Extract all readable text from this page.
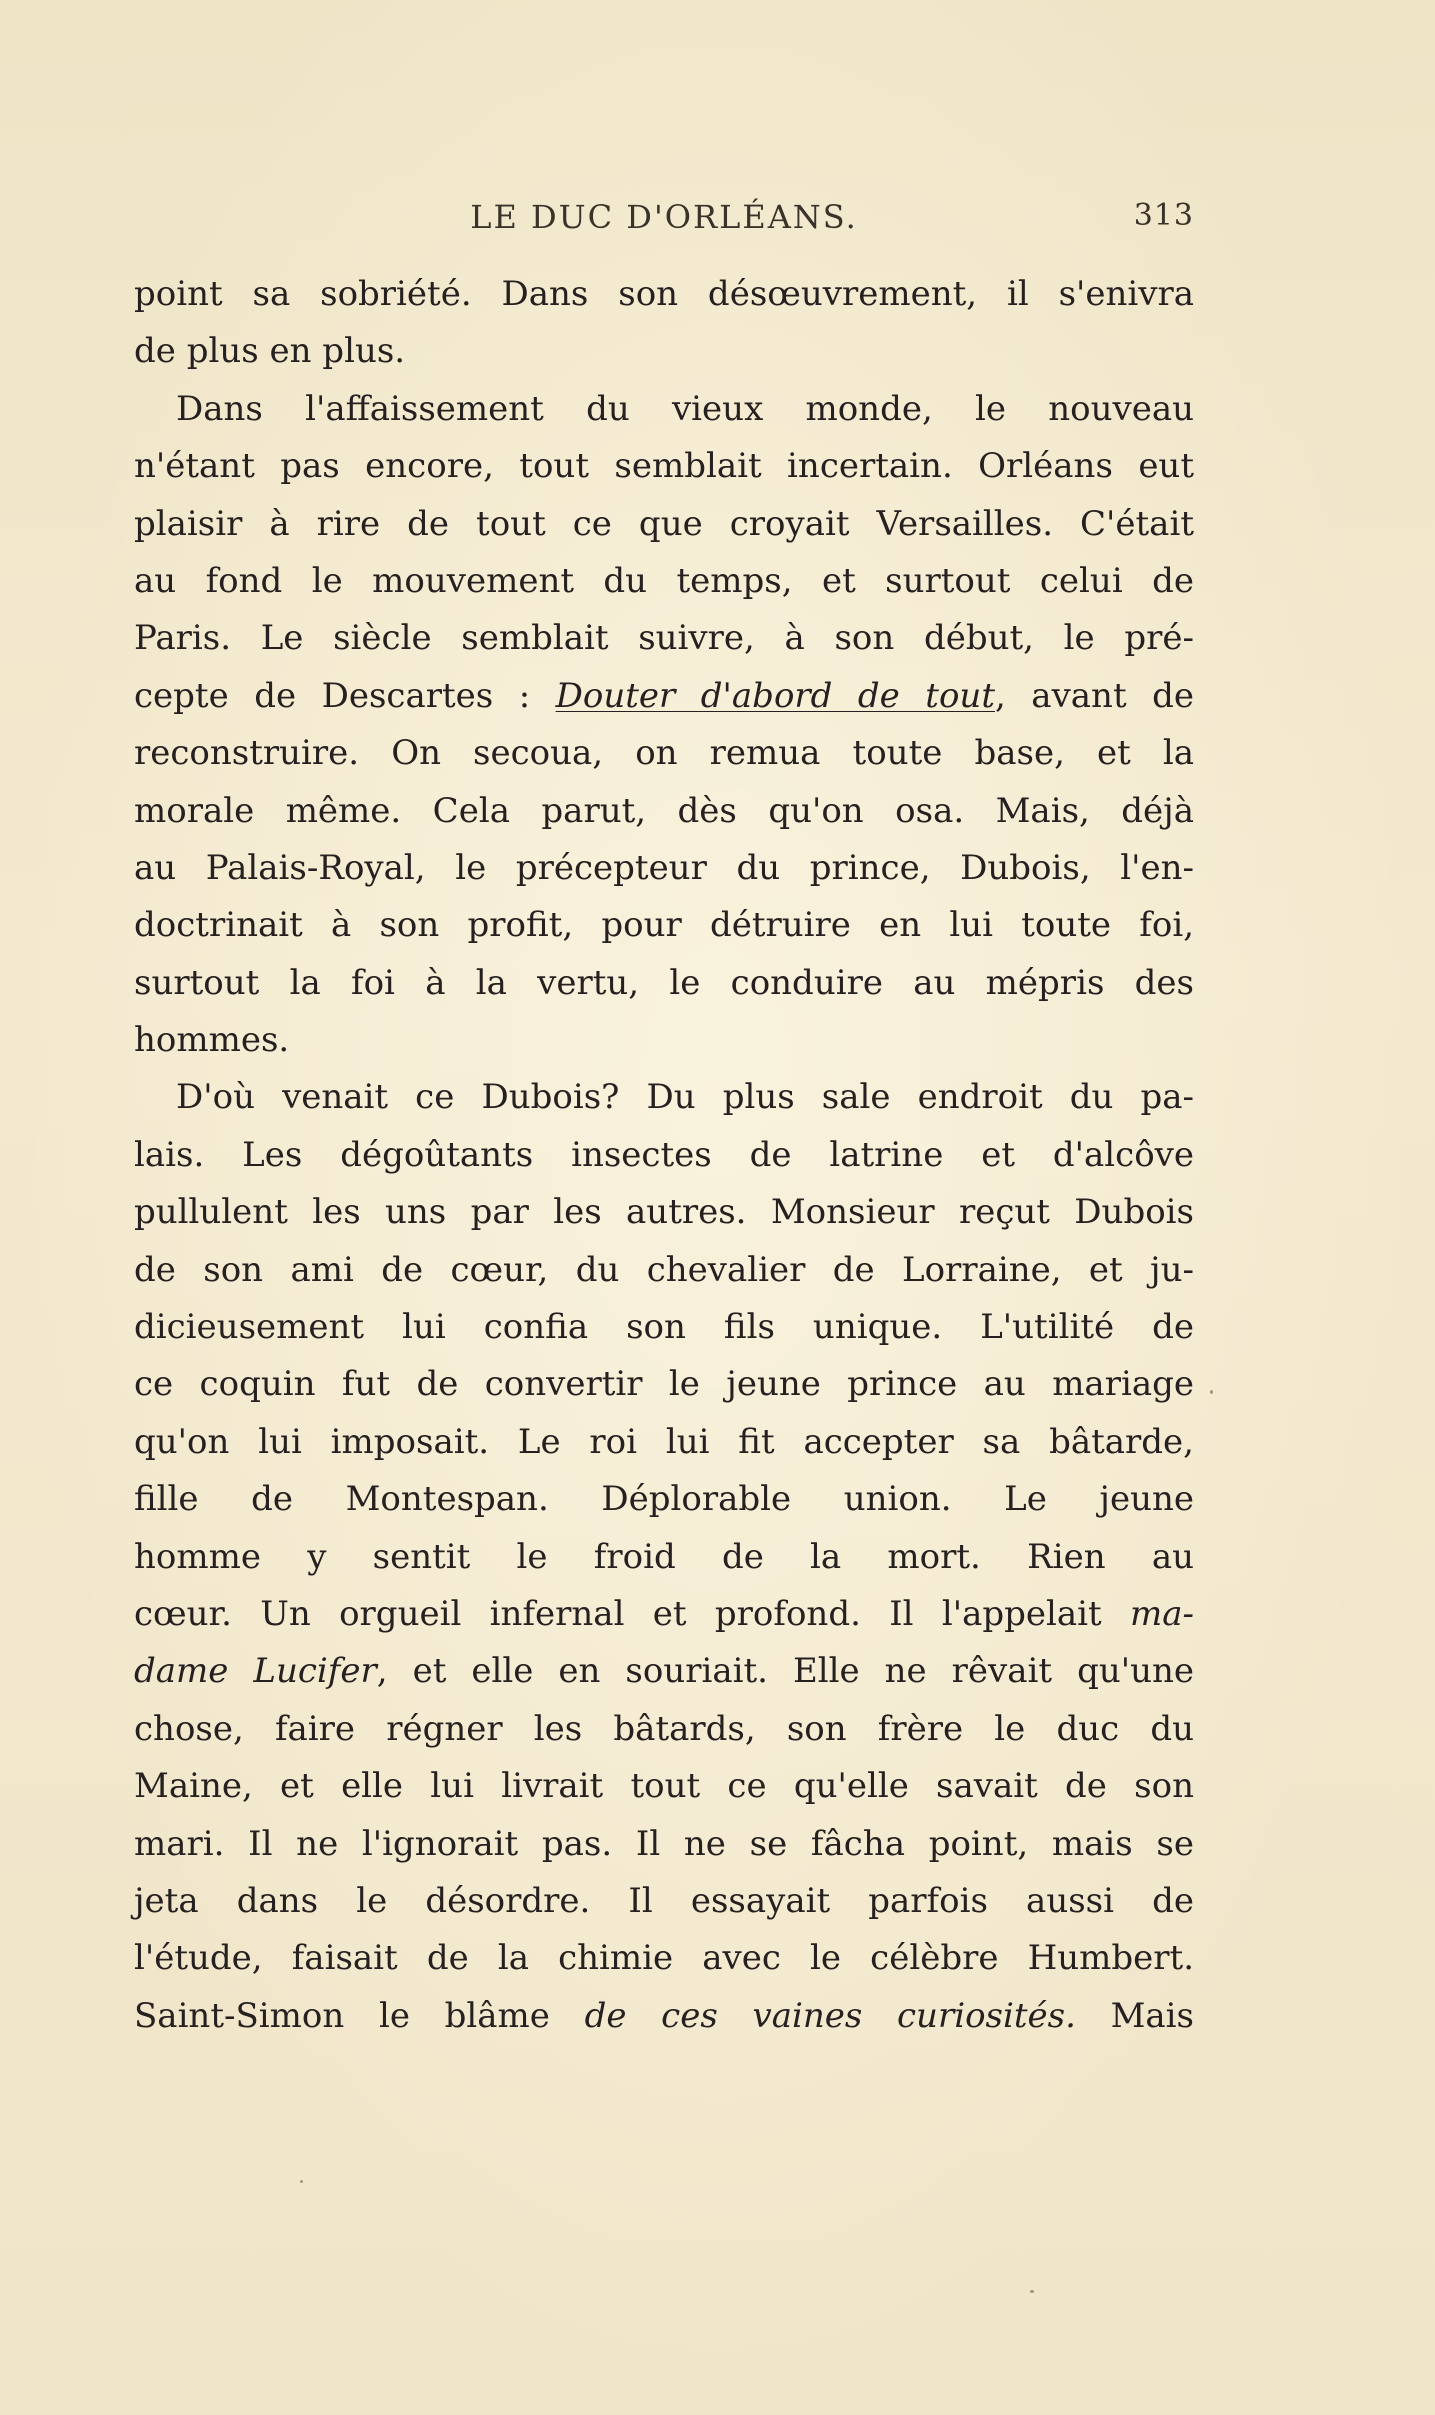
LE DUC D'ORLÉANS.	313
point sa sobriété. Dans son désœuvrement, il s'enivra
de plus en plus.
Dans l'affaissement du vieux monde, le nouveau
n'étant pas encore, tout semblait incertain. Orléans eut
plaisir à rire de tout ce que croyait Versailles. C'était
au fond le mouvement du temps, et surtout celui de
Paris. Le siècle semblait suivre, à son début, le pré-
cepte de Descartes : Douter d'abord de tout, avant de
reconstruire. On secoua, on remua toute base, et la
morale même. Cela parut, dès qu'on osa. Mais, déjà
au Palais-Royal, le précepteur du prince, Dubois, l'en-
doctrinait à son profit, pour détruire en lui toute foi,
surtout la foi à la vertu, le conduire au mépris des
hommes.
D'où venait ce Dubois? Du plus sale endroit du pa-
lais. Les dégoûtants insectes de latrine et d'alcôve
pullulent les uns par les autres. Monsieur reçut Dubois
de son ami de cœur, du chevalier de Lorraine, et ju-
dicieusement lui confia son fils unique. L'utilité de
ce coquin fut de convertir le jeune prince au mariage
qu'on lui imposait. Le roi lui fit accepter sa bâtarde,
fille de Montespan. Déplorable union. Le jeune
homme y sentit le froid de la mort. Rien au
cœur. Un orgueil infernal et profond. Il l'appelait ma-
dame Lucifer, et elle en souriait. Elle ne rêvait qu'une
chose, faire régner les bâtards, son frère le duc du
Maine, et elle lui livrait tout ce qu'elle savait de son
mari. Il ne l'ignorait pas. Il ne se fâcha point, mais se
jeta dans le désordre. Il essayait parfois aussi de
l'étude, faisait de la chimie avec le célèbre Humbert.
Saint-Simon le blâme de ces vaines curiosités. Mais
